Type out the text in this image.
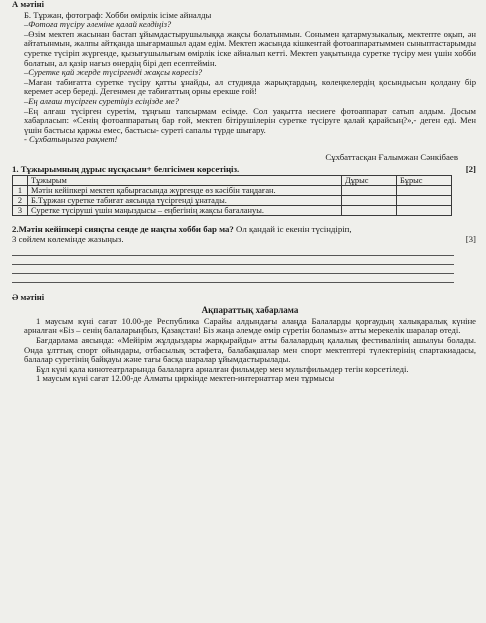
А мәтіні

Б. Тұржан, фотограф: Хобби өмірлік ісіме айналды

–Фотоға түсіру әлеміне қалай келдіңіз?

–Өзім мектеп жасынан бастап ұйымдастырушылыққа жақсы болатынмын. Сонымен қатармузыкалық, мектепте оқып, ән айтатынмын, жалпы айтқанда шығармашыл адам едім. Мектеп жасында кішкентай фотоаппаратыммен сыныптастарымды суретке түсіріп жүргенде, қызығушылығым өмірлік іске айналып кетті. Мектеп уақытында суретке түсіру мен үшін хобби болатын, ал қазір нағыз өнердің бірі деп есептеймін.

–Суретке қай жерде түсіргенді жақсы көресіз?

–Маған табиғатта суретке түсіру қатты ұнайды, ал студияда жарықтардың, көлеңкелердің қосындысын қолдану бір керемет әсер береді. Дегенмен де табиғаттың орны ерекше ғой!

–Ең алғаш түсірген суретіңіз есіңізде ме?

–Ең алғаш түсірген суретім, тұңғыш тапсырмам есімде. Сол уақытта несиеге фотоаппарат сатып алдым. Досым хабарласып: «Сенің фотоаппаратың бар ғой, мектеп бітірушілерін суретке түсіруге қалай қарайсың?»,- деген еді. Мен үшін бастысы қаржы емес, бастысы- суреті сапалы түрде шығару.

- Сұхбатыңызға рақмет!

Сұхбаттасқан Ғалымжан Сәнкібаев
1. Тұжырымның дұрыс нұсқасын+ белгісімен көрсетіңіз.	[2]
	Тұжырым	Дұрыс	Бұрыс
1	Мәтін кейіпкері мектеп қабырғасында жүргенде өз кәсібін таңдаған.		
2	Б.Тұржан суретке табиғат аясында түсіргенді ұнатады.		
3	Суретке түсіруші үшін маңыздысы – еңбегінің жақсы бағалануы.		
2.Мәтін кейіпкері сияқты сенде де нақты хобби бар ма? Ол қандай іс екенін түсіндіріп,
3 сөйлем көлемінде жазыңыз.	[3]
Ә мәтіні
Ақпараттық хабарлама

1 маусым күні сағат 10.00-де Республика Сарайы алдындағы алаңда Балаларды қорғаудың халықаралық күніне арналған «Біз – сенің балаларыңбыз, Қазақстан! Біз жаңа әлемде өмір сүретін боламыз» атты мерекелік шаралар өтеді.

Бағдарлама аясында: «Мейірім жұлдыздары жарқырайды» атты балалардың қалалық фестивалінің ашылуы болады. Онда ұлттық спорт ойындары, отбасылық эстафета, балабақшалар мен спорт мектептері түлектерінің спартакиадасы, балалар суретінің байқауы және тағы басқа шаралар ұйымдастырылады.

Бұл күні қала кинотеатрларында балаларға арналған фильмдер мен мультфильмдер тегін көрсетіледі.

1 маусым күні сағат 12.00-де Алматы циркінде мектеп-интернаттар мен тұрмысы
